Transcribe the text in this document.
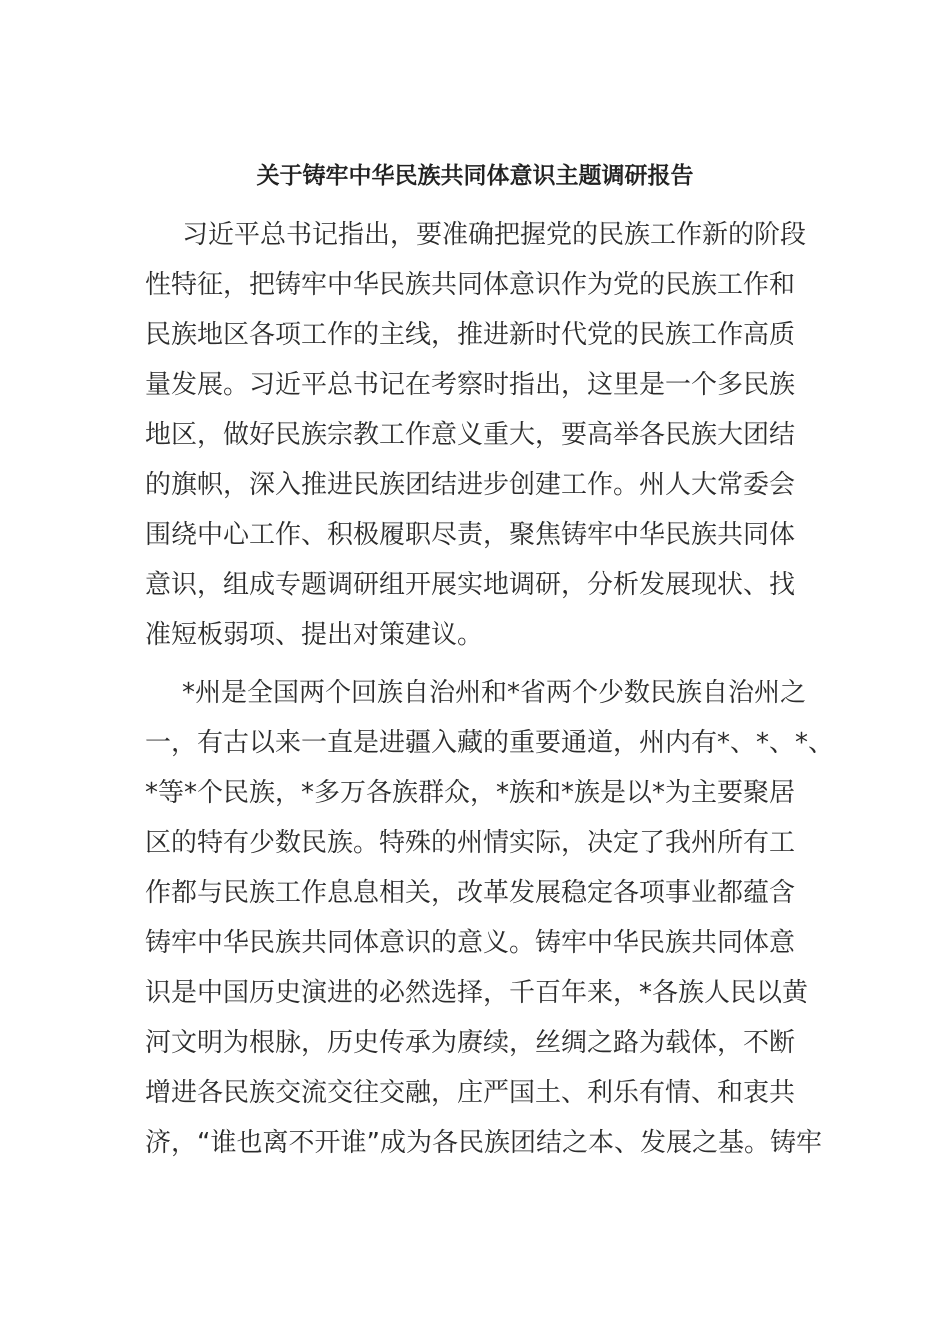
关于铸牢中华民族共同体意识主题调研报告
习近平总书记指出，要准确把握党的民族工作新的阶段
性特征，把铸牢中华民族共同体意识作为党的民族工作和
民族地区各项工作的主线，推进新时代党的民族工作高质
量发展。习近平总书记在考察时指出，这里是一个多民族
地区，做好民族宗教工作意义重大，要高举各民族大团结
的旗帜，深入推进民族团结进步创建工作。州人大常委会
围绕中心工作、积极履职尽责，聚焦铸牢中华民族共同体
意识，组成专题调研组开展实地调研，分析发展现状、找
准短板弱项、提出对策建议。
*州是全国两个回族自治州和*省两个少数民族自治州之
一，有古以来一直是进疆入藏的重要通道，州内有*、*、*、
*等*个民族，*多万各族群众，*族和*族是以*为主要聚居
区的特有少数民族。特殊的州情实际，决定了我州所有工
作都与民族工作息息相关，改革发展稳定各项事业都蕴含
铸牢中华民族共同体意识的意义。铸牢中华民族共同体意
识是中国历史演进的必然选择，千百年来，*各族人民以黄
河文明为根脉，历史传承为赓续，丝绸之路为载体，不断
增进各民族交流交往交融，庄严国土、利乐有情、和衷共
济，“谁也离不开谁”成为各民族团结之本、发展之基。铸牢
